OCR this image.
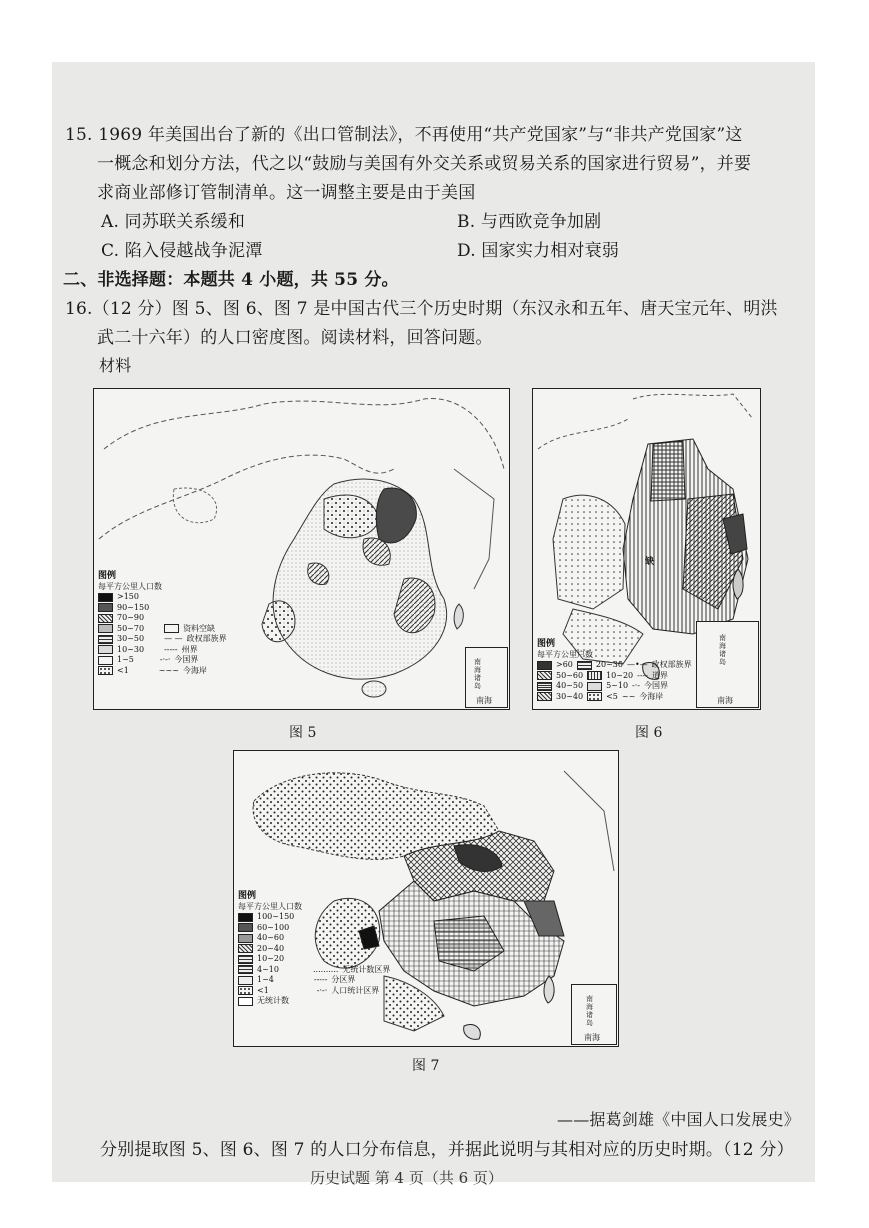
15. 1969 年美国出台了新的《出口管制法》，不再使用“共产党国家”与“非共产党国家”这
一概念和划分方法，代之以“鼓励与美国有外交关系或贸易关系的国家进行贸易”，并要
求商业部修订管制清单。这一调整主要是由于美国
A. 同苏联关系缓和	B. 与西欧竞争加剧
C. 陷入侵越战争泥潭	D. 国家实力相对衰弱
二、非选择题：本题共 4 小题，共 55 分。
16.（12 分）图 5、图 6、图 7 是中国古代三个历史时期（东汉永和五年、唐天宝元年、明洪
武二十六年）的人口密度图。阅读材料，回答问题。
材料
图例
每平方公里人口数
>150
90~150
70~90
50~70	资料空缺
30~50	— — 政权部族界
10~30	----- 州界
1~5	-·-· 今国界
<1	~~~ 今海岸
南海诸岛
南海
缺
图例
每平方公里户数
>60	20~30 —•— 政权部族界
50~60	10~20 ---- 道界
40~50	5~10 -·- 今国界
30~40	<5 ~~ 今海岸
南海诸岛
南海
图 5	图 6
图例
每平方公里人口数
100~150
60~100
40~60
20~40
10~20
4~10	.......... 无统计数区界
1~4	----- 分区界
<1	-·-· 人口统计区界
无统计数	南海诸岛
南海
图 7
——据葛剑雄《中国人口发展史》
分别提取图 5、图 6、图 7 的人口分布信息，并据此说明与其相对应的历史时期。（12 分）
历史试题 第 4 页（共 6 页）
